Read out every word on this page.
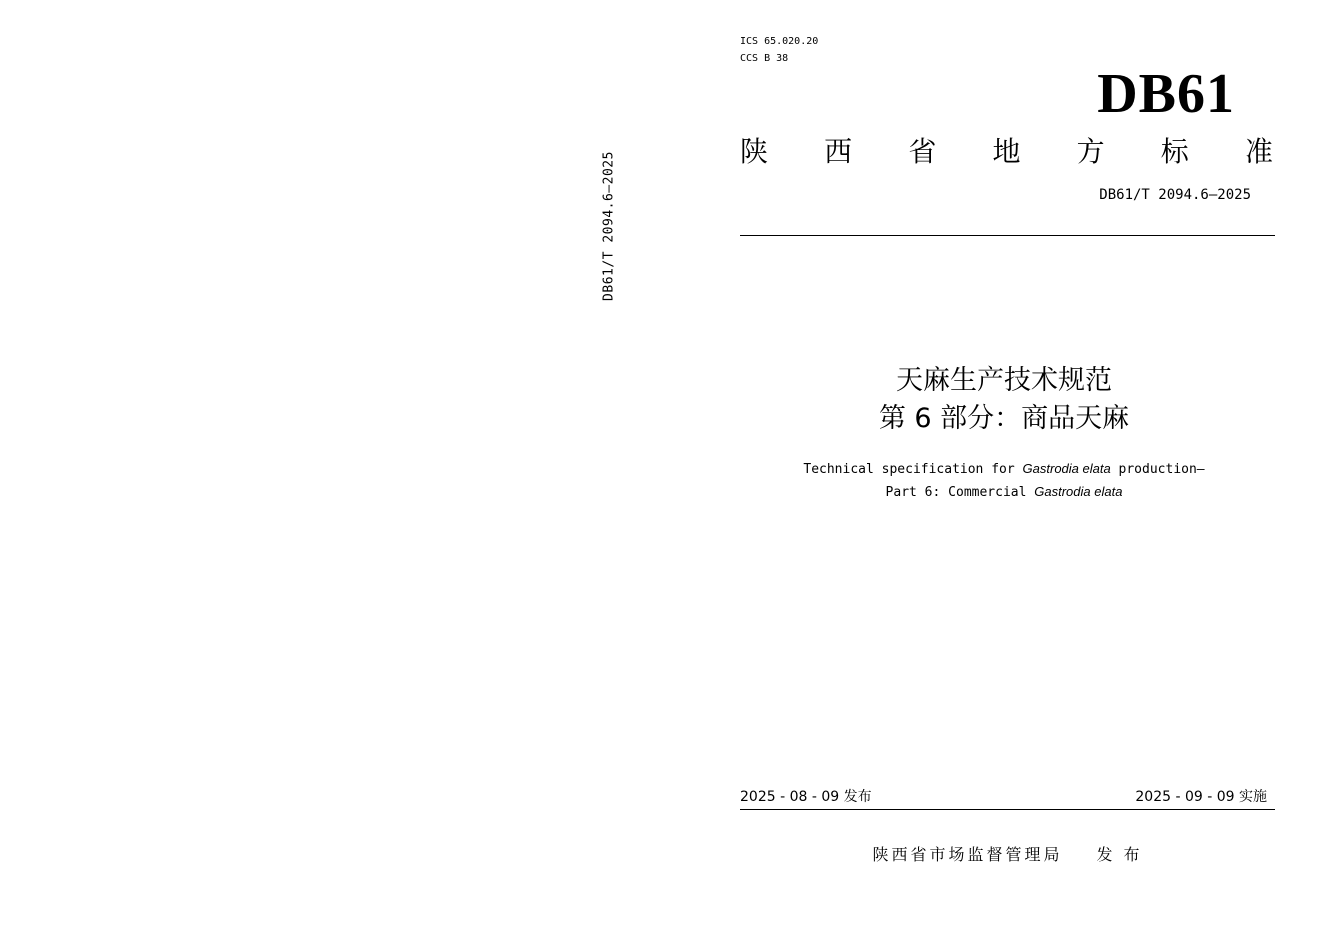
DB61/T 2094.6—2025
ICS 65.020.20
CCS B 38
DB61
陕 西 省 地 方 标 准
DB61/T 2094.6—2025
天麻生产技术规范
第 6 部分：商品天麻
Technical specification for Gastrodia elata production—
Part 6: Commercial Gastrodia elata
2025 - 08 - 09 发布	2025 - 09 - 09 实施
陕西省市场监督管理局 发 布
